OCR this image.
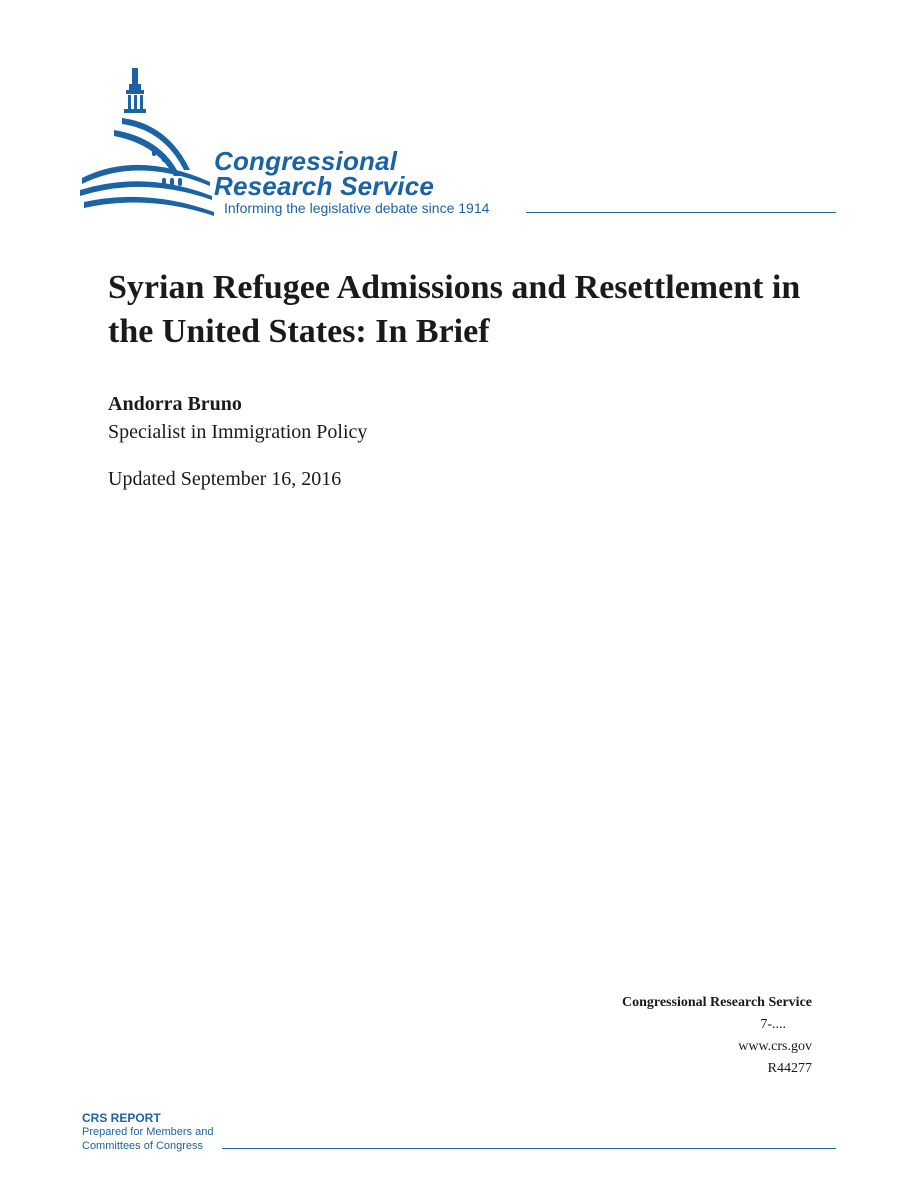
Congressional
Research Service
Informing the legislative debate since 1914
Syrian Refugee Admissions and Resettlement in the United States: In Brief
Andorra Bruno
Specialist in Immigration Policy
Updated September 16, 2016
Congressional Research Service
7-....
www.crs.gov
R44277
CRS REPORT
Prepared for Members and
Committees of Congress
